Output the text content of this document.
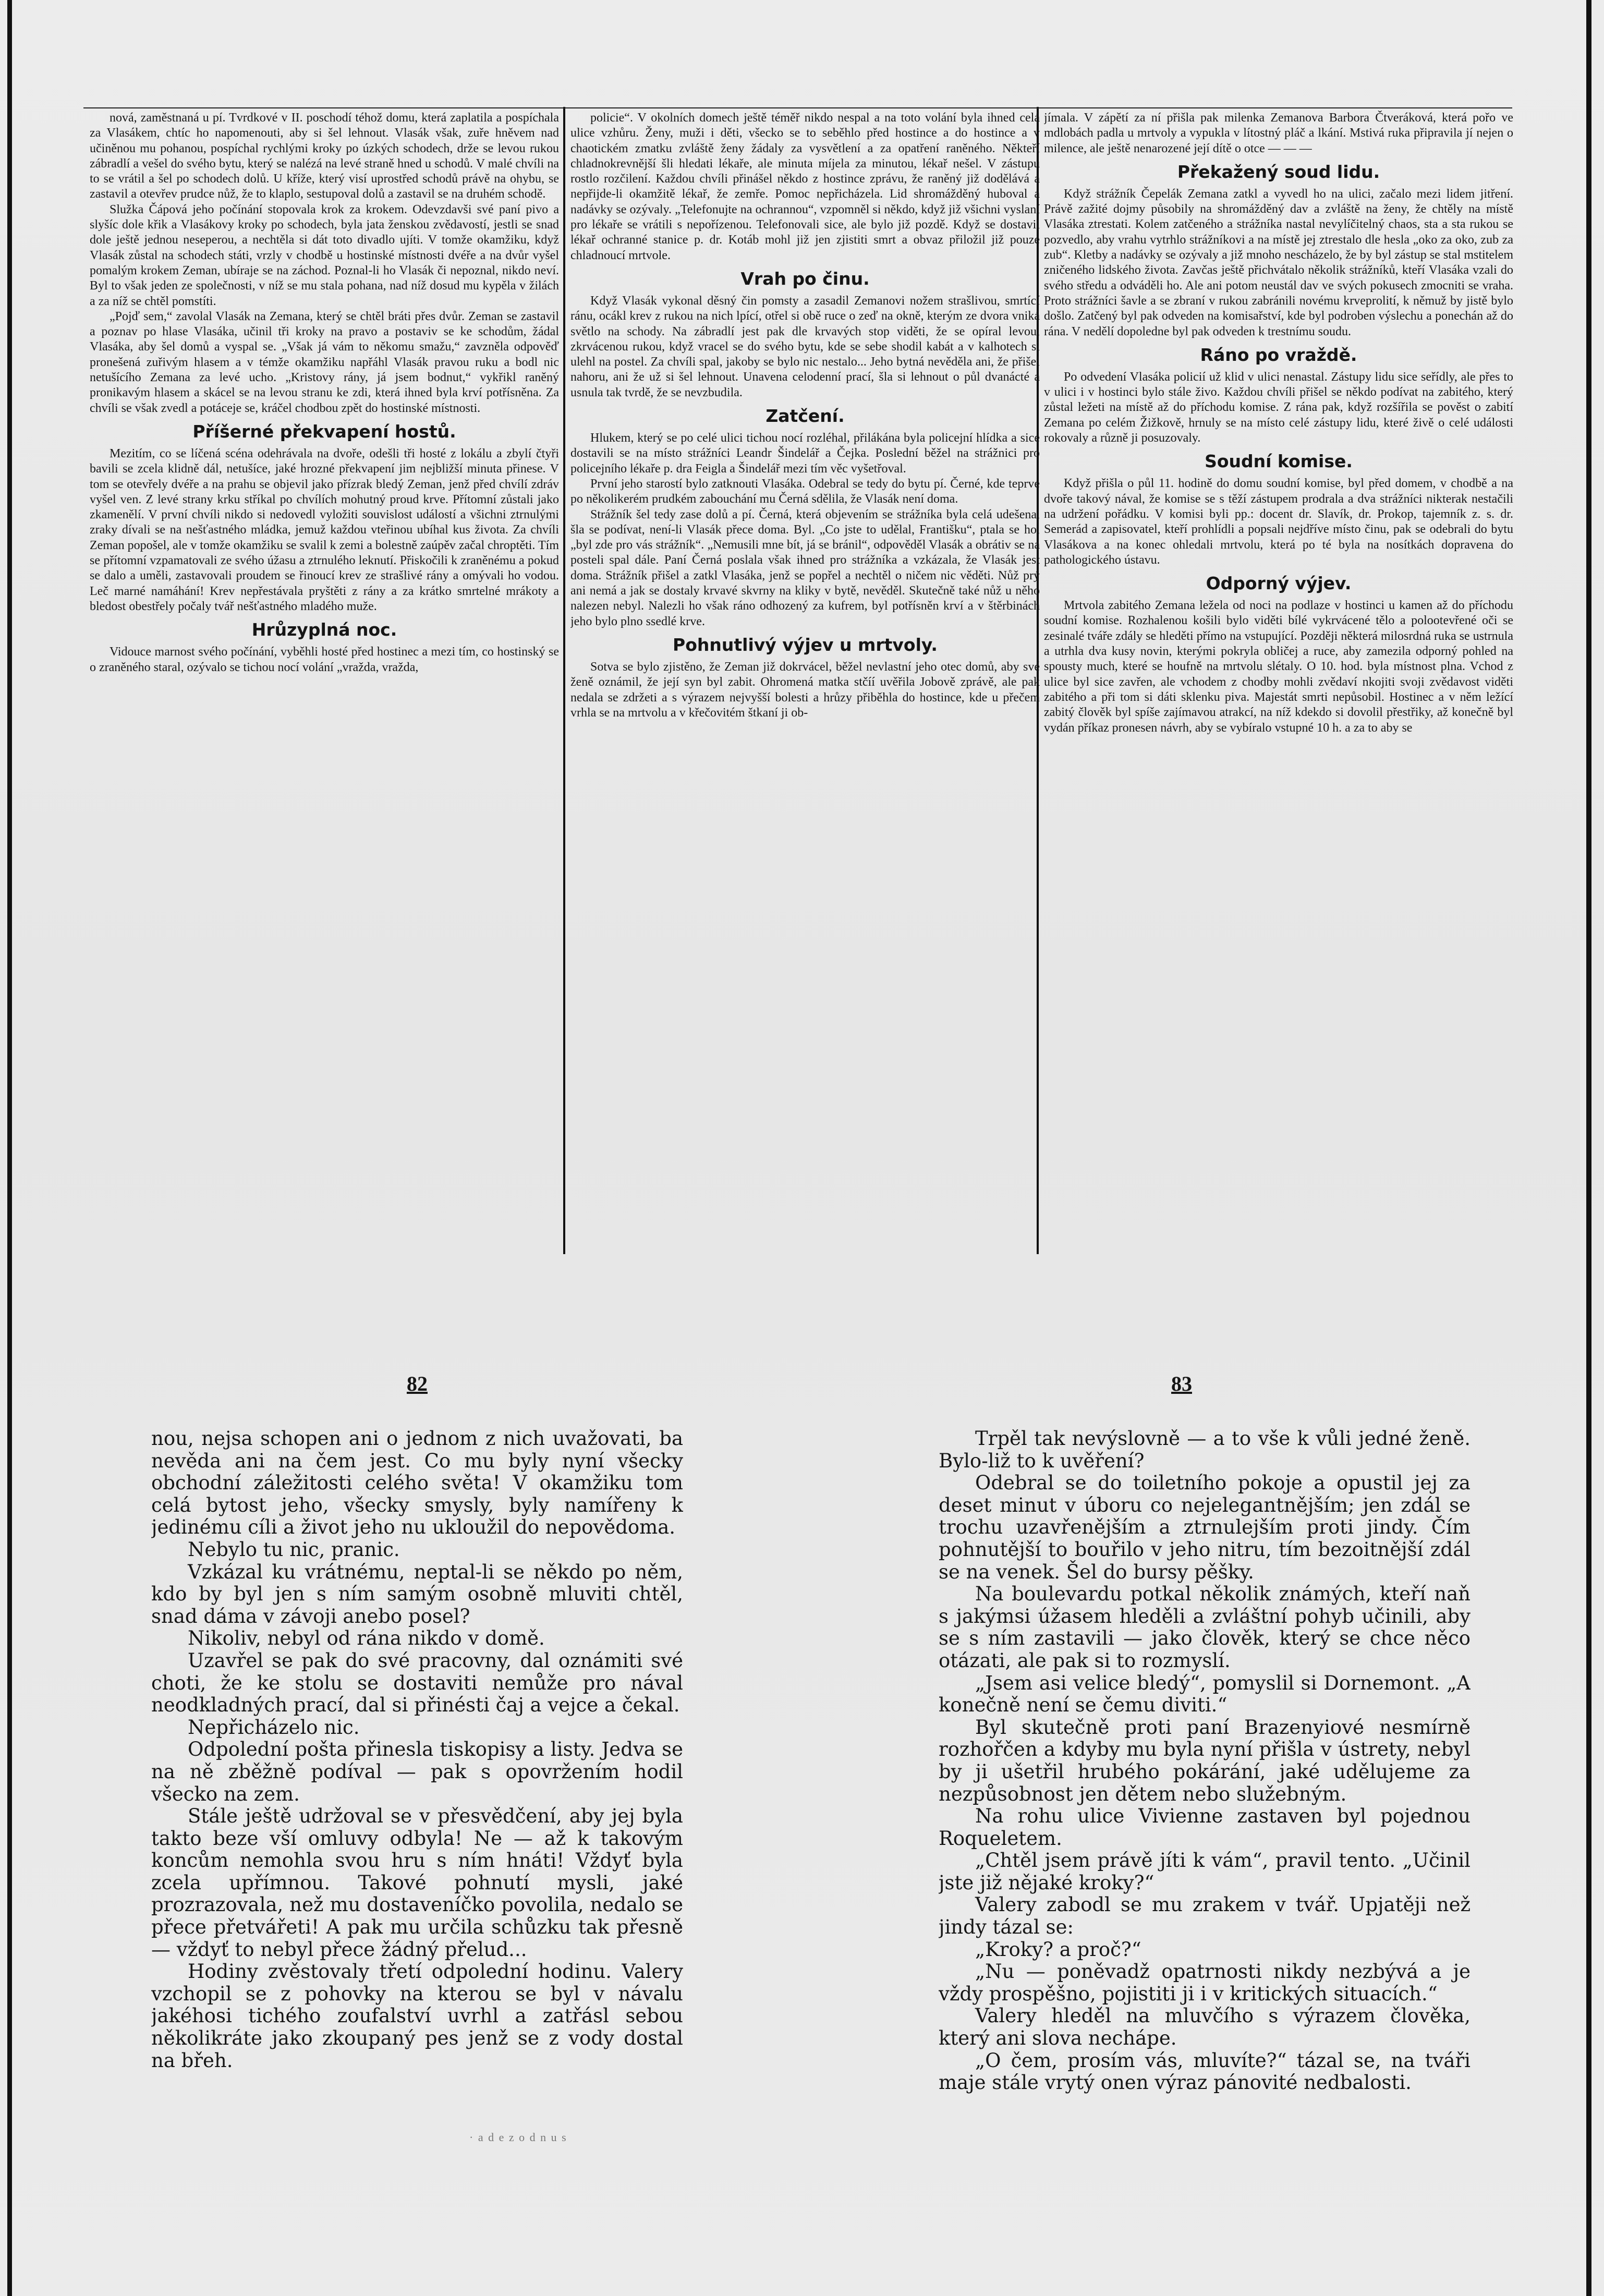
nová, zaměstnaná u pí. Tvrdkové v II. poschodí téhož domu, která zaplatila a pospíchala za Vlasákem, chtíc ho napomenouti, aby si šel lehnout. Vlasák však, zuře hněvem nad učiněnou mu pohanou, pospíchal rychlými kroky po úzkých schodech, drže se levou rukou zábradlí a vešel do svého bytu, který se nalézá na levé straně hned u schodů. V malé chvíli na to se vrátil a šel po schodech dolů. U kříže, který visí uprostřed schodů právě na ohybu, se zastavil a otevřev prudce nůž, že to klaplo, sestupoval dolů a zastavil se na druhém schodě.

Služka Čápová jeho počínání stopovala krok za krokem. Odevzdavši své paní pivo a slyšíc dole křik a Vlasákovy kroky po schodech, byla jata ženskou zvědavostí, jestli se snad dole ještě jednou neseperou, a nechtěla si dát toto divadlo ujíti. V tomže okamžiku, když Vlasák zůstal na schodech státi, vrzly v chodbě u hostinské místnosti dvéře a na dvůr vyšel pomalým krokem Zeman, ubíraje se na záchod. Poznal-li ho Vlasák či nepoznal, nikdo neví. Byl to však jeden ze společnosti, v níž se mu stala pohana, nad níž dosud mu kypěla v žilách a za níž se chtěl pomstíti.

„Pojď sem,“ zavolal Vlasák na Zemana, který se chtěl bráti přes dvůr. Zeman se zastavil a poznav po hlase Vlasáka, učinil tři kroky na pravo a postaviv se ke schodům, žádal Vlasáka, aby šel domů a vyspal se. „Však já vám to někomu smažu,“ zavzněla odpověď pronešená zuřivým hlasem a v témže okamžiku napřáhl Vlasák pravou ruku a bodl nic netušícího Zemana za levé ucho. „Kristovy rány, já jsem bodnut,“ vykřikl raněný pronikavým hlasem a skácel se na levou stranu ke zdi, která ihned byla krví potřísněna. Za chvíli se však zvedl a potáceje se, kráčel chodbou zpět do hostinské místnosti.

Příšerné překvapení hostů.

Mezitím, co se líčená scéna odehrávala na dvoře, odešli tři hosté z lokálu a zbylí čtyři bavili se zcela klidně dál, netušíce, jaké hrozné překvapení jim nejbližší minuta přinese. V tom se otevřely dvéře a na prahu se objevil jako přízrak bledý Zeman, jenž před chvílí zdráv vyšel ven. Z levé strany krku stříkal po chvílích mohutný proud krve. Přítomní zůstali jako zkamenělí. V první chvíli nikdo si nedovedl vyložiti souvislost událostí a všichni ztrnulými zraky dívali se na nešťastného mládka, jemuž každou vteřinou ubíhal kus života. Za chvíli Zeman popošel, ale v tomže okamžiku se svalil k zemi a bolestně zaúpěv začal chroptěti. Tím se přítomní vzpamatovali ze svého úžasu a ztrnulého leknutí. Přiskočili k zraněnému a pokud se dalo a uměli, zastavovali proudem se řinoucí krev ze strašlivé rány a omývali ho vodou. Leč marné namáhání! Krev nepřestávala pryštěti z rány a za krátko smrtelné mrákoty a bledost obestřely počaly tvář nešťastného mladého muže.

Hrůzyplná noc.

Vidouce marnost svého počínání, vyběhli hosté před hostinec a mezi tím, co hostinský se o zraněného staral, ozývalo se tichou nocí volání „vražda, vražda,

policie“. V okolních domech ještě téměř nikdo nespal a na toto volání byla ihned celá ulice vzhůru. Ženy, muži i děti, všecko se to seběhlo před hostince a do hostince a v chaotickém zmatku zvláště ženy žádaly za vysvětlení a za opatření raněného. Někteří chladnokrevnější šli hledati lékaře, ale minuta míjela za minutou, lékař nešel. V zástupu rostlo rozčilení. Každou chvíli přinášel někdo z hostince zprávu, že raněný již dodělává a nepřijde-li okamžitě lékař, že zemře. Pomoc nepřicházela. Lid shromážděný huboval a nadávky se ozývaly. „Telefonujte na ochrannou“, vzpomněl si někdo, když již všichni vyslaní pro lékaře se vrátili s nepořízenou. Telefonovali sice, ale bylo již pozdě. Když se dostavil lékař ochranné stanice p. dr. Kotáb mohl již jen zjistiti smrt a obvaz přiložil již pouze chladnoucí mrtvole.

Vrah po činu.

Když Vlasák vykonal děsný čin pomsty a zasadil Zemanovi nožem strašlivou, smrtící ránu, ocákl krev z rukou na nich lpící, otřel si obě ruce o zeď na okně, kterým ze dvora vniká světlo na schody. Na zábradlí jest pak dle krvavých stop viděti, že se opíral levou, zkrvácenou rukou, když vracel se do svého bytu, kde se sebe shodil kabát a v kalhotech si ulehl na postel. Za chvíli spal, jakoby se bylo nic nestalo... Jeho bytná nevěděla ani, že přišel nahoru, ani že už si šel lehnout. Unavena celodenní prací, šla si lehnout o půl dvanácté a usnula tak tvrdě, že se nevzbudila.

Zatčení.

Hlukem, který se po celé ulici tichou nocí rozléhal, přilákána byla policejní hlídka a sice dostavili se na místo strážníci Leandr Šindelář a Čejka. Poslední běžel na strážnici pro policejního lékaře p. dra Feigla a Šindelář mezi tím věc vyšetřoval.

První jeho starostí bylo zatknouti Vlasáka. Odebral se tedy do bytu pí. Černé, kde teprve po několikerém prudkém zabouchání mu Černá sdělila, že Vlasák není doma.

Strážník šel tedy zase dolů a pí. Černá, která objevením se strážníka byla celá udešena, šla se podívat, není-li Vlasák přece doma. Byl. „Co jste to udělal, Františku“, ptala se ho, „byl zde pro vás strážník“. „Nemusili mne bít, já se bránil“, odpověděl Vlasák a obrátiv se na posteli spal dále. Paní Černá poslala však ihned pro strážníka a vzkázala, že Vlasák jest doma. Strážník přišel a zatkl Vlasáka, jenž se popřel a nechtěl o ničem nic věděti. Nůž prý ani nemá a jak se dostaly krvavé skvrny na kliky v bytě, nevěděl. Skutečně také nůž u něho nalezen nebyl. Nalezli ho však ráno odhozený za kufrem, byl potřísněn krví a v štěrbinách jeho bylo plno ssedlé krve.

Pohnutlivý výjev u mrtvoly.

Sotva se bylo zjistěno, že Zeman již dokrvácel, běžel nevlastní jeho otec domů, aby své ženě oznámil, že její syn byl zabit. Ohromená matka stčíí uvěřila Jobově zprávě, ale pak nedala se zdržeti a s výrazem nejvyšší bolesti a hrůzy přiběhla do hostince, kde u přečem vrhla se na mrtvolu a v křečovitém štkaní ji ob-

jímala. V zápětí za ní přišla pak milenka Zemanova Barbora Čtveráková, která pořo ve mdlobách padla u mrtvoly a vypukla v lítostný pláč a lkání. Mstivá ruka připravila jí nejen o milence, ale ještě nenarozené její dítě o otce — — —

Překažený soud lidu.

Když strážník Čepelák Zemana zatkl a vyvedl ho na ulici, začalo mezi lidem jitření. Právě zažité dojmy působily na shromážděný dav a zvláště na ženy, že chtěly na místě Vlasáka ztrestati. Kolem zatčeného a strážníka nastal nevylíčitelný chaos, sta a sta rukou se pozvedlo, aby vrahu vytrhlo strážníkovi a na místě jej ztrestalo dle hesla „oko za oko, zub za zub“. Kletby a nadávky se ozývaly a již mnoho nescházelo, že by byl zástup se stal mstitelem zničeného lidského života. Zavčas ještě přichvátalo několik strážníků, kteří Vlasáka vzali do svého středu a odváděli ho. Ale ani potom neustál dav ve svých pokusech zmocniti se vraha. Proto strážníci šavle a se zbraní v rukou zabránili novému krveprolití, k němuž by jistě bylo došlo. Zatčený byl pak odveden na komisařství, kde byl podroben výslechu a ponechán až do rána. V nedělí dopoledne byl pak odveden k trestnímu soudu.

Ráno po vraždě.

Po odvedení Vlasáka policií už klid v ulici nenastal. Zástupy lidu sice seřídly, ale přes to v ulici i v hostinci bylo stále živo. Každou chvíli přišel se někdo podívat na zabitého, který zůstal ležeti na místě až do příchodu komise. Z rána pak, když rozšířila se pověst o zabití Zemana po celém Žižkově, hrnuly se na místo celé zástupy lidu, které živě o celé události rokovaly a různě ji posuzovaly.

Soudní komise.

Když přišla o půl 11. hodině do domu soudní komise, byl před domem, v chodbě a na dvoře takový nával, že komise se s těží zástupem prodrala a dva strážníci nikterak nestačili na udržení pořádku. V komisi byli pp.: docent dr. Slavík, dr. Prokop, tajemník z. s. dr. Semerád a zapisovatel, kteří prohlídli a popsali nejdříve místo činu, pak se odebrali do bytu Vlasákova a na konec ohledali mrtvolu, která po té byla na nosítkách dopravena do pathologického ústavu.

Odporný výjev.

Mrtvola zabitého Zemana ležela od noci na podlaze v hostinci u kamen až do příchodu soudní komise. Rozhalenou košili bylo viděti bílé vykrvácené tělo a polootevřené oči se zesinalé tváře zdály se hleděti přímo na vstupující. Později některá milosrdná ruka se ustrnula a utrhla dva kusy novin, kterými pokryla obličej a ruce, aby zamezila odporný pohled na spousty much, které se houfně na mrtvolu slétaly. O 10. hod. byla místnost plna. Vchod z ulice byl sice zavřen, ale vchodem z chodby mohli zvědaví nkojiti svoji zvědavost viděti zabitého a při tom si dáti sklenku piva. Majestát smrti nepůsobil. Hostinec a v něm ležící zabitý člověk byl spíše zajímavou atrakcí, na níž kdekdo si dovolil přestřiky, až konečně byl vydán příkaz pronesen návrh, aby se vybíralo vstupné 10 h. a za to aby se

82	83

nou, nejsa schopen ani o jednom z nich uvažovati, ba nevěda ani na čem jest. Co mu byly nyní všecky obchodní záležitosti celého světa! V okamžiku tom celá bytost jeho, všecky smysly, byly namířeny k jedinému cíli a život jeho nu ukloužil do nepovědoma.

Nebylo tu nic, pranic.

Vzkázal ku vrátnému, neptal-li se někdo po něm, kdo by byl jen s ním samým osobně mluviti chtěl, snad dáma v závoji anebo posel?

Nikoliv, nebyl od rána nikdo v domě.

Uzavřel se pak do své pracovny, dal oznámiti své choti, že ke stolu se dostaviti nemůže pro nával neodkladných prací, dal si přinésti čaj a vejce a čekal.

Nepřicházelo nic.

Odpolední pošta přinesla tiskopisy a listy. Jedva se na ně zběžně podíval — pak s opovržením hodil všecko na zem.

Stále ještě udržoval se v přesvědčení, aby jej byla takto beze vší omluvy odbyla! Ne — až k takovým koncům nemohla svou hru s ním hnáti! Vždyť byla zcela upřímnou. Takové pohnutí mysli, jaké prozrazovala, než mu dostaveníčko povolila, nedalo se přece přetvářeti! A pak mu určila schůzku tak přesně — vždyť to nebyl přece žádný přelud...

Hodiny zvěstovaly třetí odpolední hodinu. Valery vzchopil se z pohovky na kterou se byl v návalu jakéhosi tichého zoufalství uvrhl a zatřásl sebou několikráte jako zkoupaný pes jenž se z vody dostal na břeh.

Trpěl tak nevýslovně — a to vše k vůli jedné ženě. Bylo-liž to k uvěření?

Odebral se do toiletního pokoje a opustil jej za deset minut v úboru co nejelegantnějším; jen zdál se trochu uzavřenějším a ztrnulejším proti jindy. Čím pohnutější to bouřilo v jeho nitru, tím bezoitnější zdál se na venek. Šel do bursy pěšky.

Na boulevardu potkal několik známých, kteří naň s jakýmsi úžasem hleděli a zvláštní pohyb učinili, aby se s ním zastavili — jako člověk, který se chce něco otázati, ale pak si to rozmyslí.

„Jsem asi velice bledý“, pomyslil si Dornemont. „A konečně není se čemu diviti.“

Byl skutečně proti paní Brazenyiové nesmírně rozhořčen a kdyby mu byla nyní přišla v ústrety, nebyl by ji ušetřil hrubého pokárání, jaké udělujeme za nezpůsobnost jen dětem nebo služebným.

Na rohu ulice Vivienne zastaven byl pojednou Roqueletem.

„Chtěl jsem právě jíti k vám“, pravil tento. „Učinil jste již nějaké kroky?“

Valery zabodl se mu zrakem v tvář. Upjatěji než jindy tázal se:

„Kroky? a proč?“

„Nu — poněvadž opatrnosti nikdy nezbývá a je vždy prospěšno, pojistiti ji i v kritických situacích.“

Valery hleděl na mluvčího s výrazem člověka, který ani slova nechápe.

„O čem, prosím vás, mluvíte?“ tázal se, na tváři maje stále vrytý onen výraz pánovité nedbalosti.

· a d e z o d n u s
